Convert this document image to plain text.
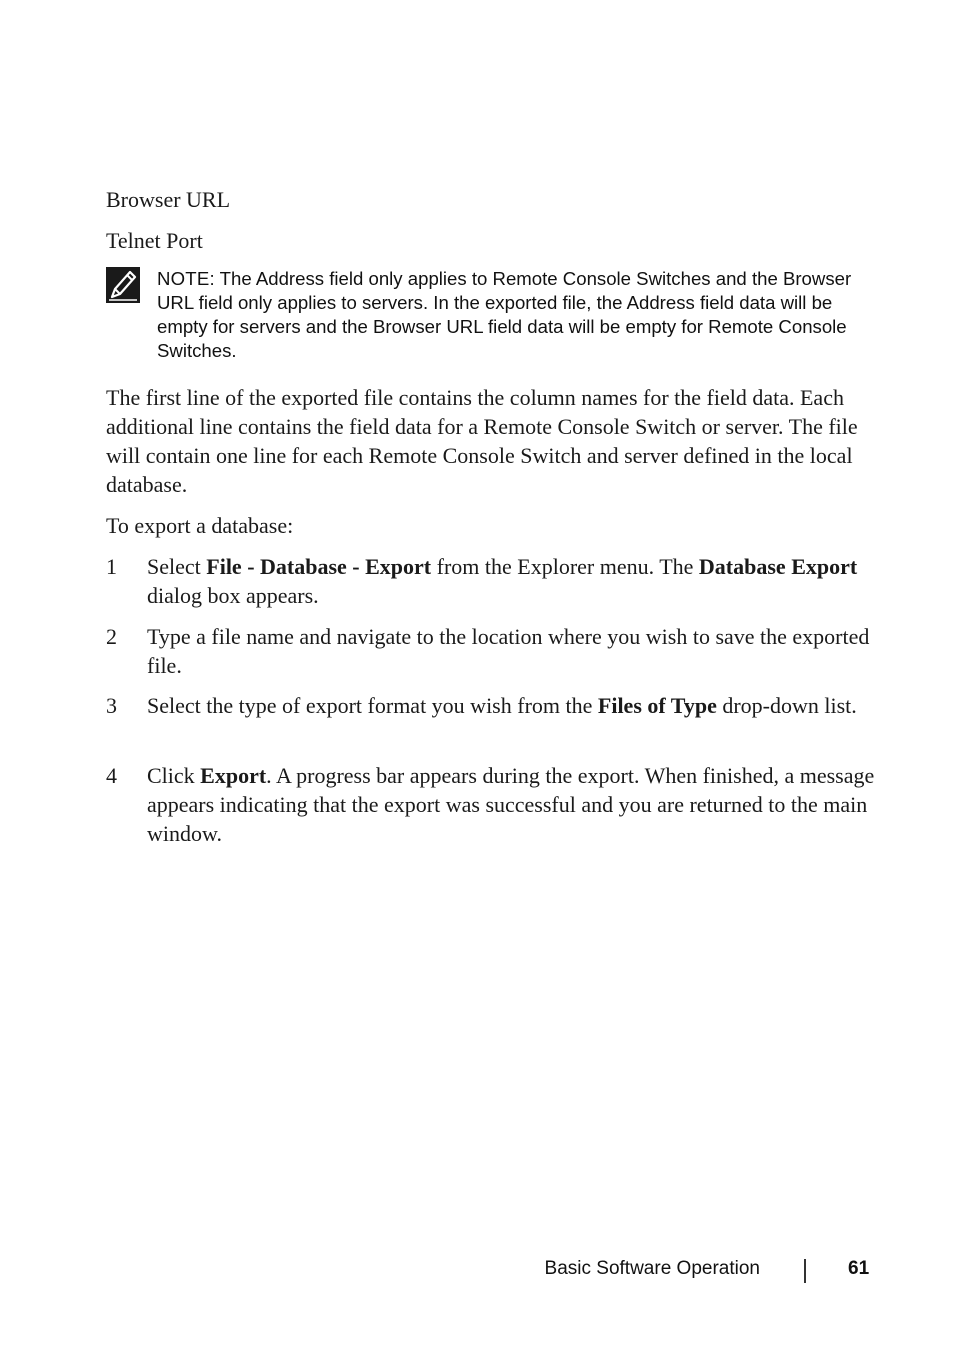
Browser URL
Telnet Port
NOTE: The Address field only applies to Remote Console Switches and the Browser URL field only applies to servers. In the exported file, the Address field data will be empty for servers and the Browser URL field data will be empty for Remote Console Switches.
The first line of the exported file contains the column names for the field data. Each additional line contains the field data for a Remote Console Switch or server. The file will contain one line for each Remote Console Switch and server defined in the local database.
To export a database:
1	Select File - Database - Export from the Explorer menu. The Database Export dialog box appears.
2	Type a file name and navigate to the location where you wish to save the exported file.
3	Select the type of export format you wish from the Files of Type drop-down list.
4	Click Export. A progress bar appears during the export. When finished, a message appears indicating that the export was successful and you are returned to the main window.
Basic Software Operation	61
